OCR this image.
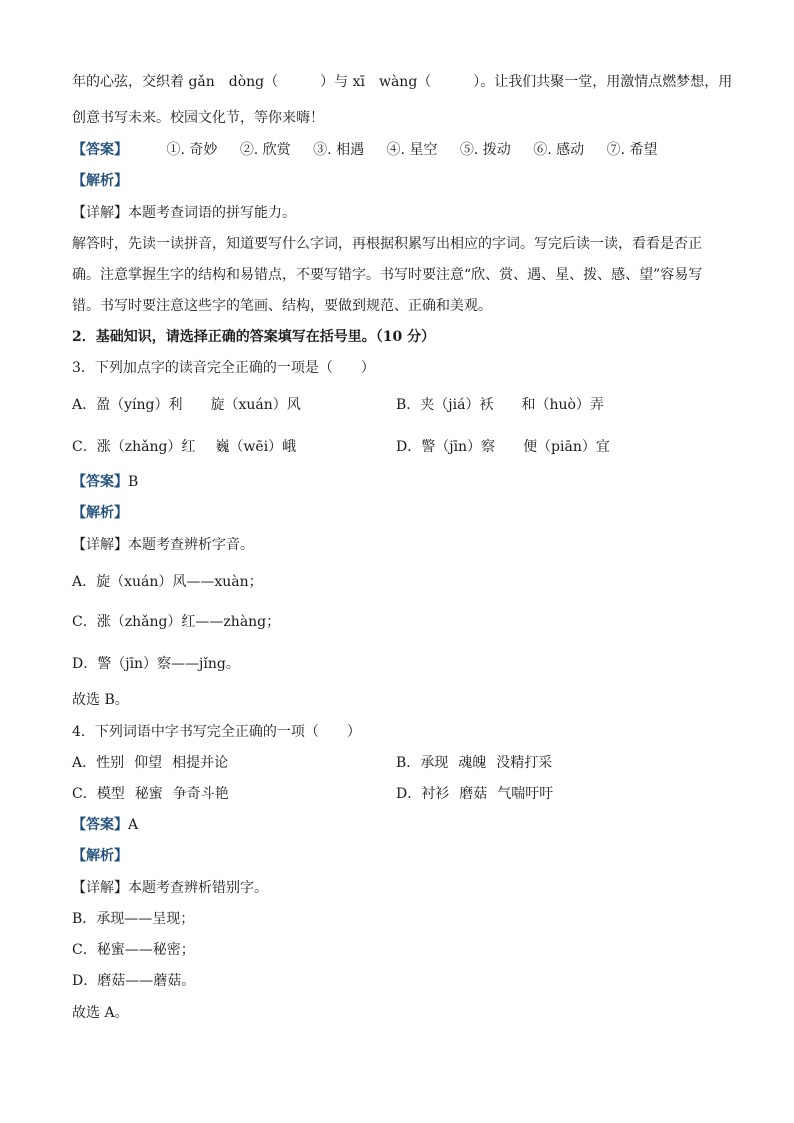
年的心弦，交织着 gǎn　dòng（　　　）与 xī　wàng（　　　）。让我们共聚一堂，用激情点燃梦想，用
创意书写未来。校园文化节，等你来嗨！
【答案】	①. 奇妙 ②. 欣赏 ③. 相遇 ④. 星空 ⑤. 拨动 ⑥. 感动 ⑦. 希望
【解析】
【详解】本题考查词语的拼写能力。
解答时，先读一读拼音，知道要写什么字词，再根据积累写出相应的字词。写完后读一读，看看是否正
确。注意掌握生字的结构和易错点，不要写错字。书写时要注意“欣、赏、遇、星、拨、感、望”容易写
错。书写时要注意这些字的笔画、结构，要做到规范、正确和美观。
2．基础知识，请选择正确的答案填写在括号里。（10 分）
3．下列加点字的读音完全正确的一项是（　　）
A．盈（yíng）利 旋（xuán）风	B．夹（jiá）袄 和（huò）弄
C．涨（zhǎng）红 巍（wēi）峨	D．警（jīn）察 便（piān）宜
【答案】B
【解析】
【详解】本题考查辨析字音。
A．旋（xuán）风——xuàn；
C．涨（zhǎng）红——zhàng；
D．警（jīn）察——jǐng。
故选 B。
4．下列词语中字书写完全正确的一项（　　）
A．性别 仰望 相提并论	B．承现 魂魄 没精打采
C．模型 秘蜜 争奇斗艳	D．衬衫 磨菇 气喘吁吁
【答案】A
【解析】
【详解】本题考查辨析错别字。
B．承现——呈现；
C．秘蜜——秘密；
D．磨菇——蘑菇。
故选 A。
